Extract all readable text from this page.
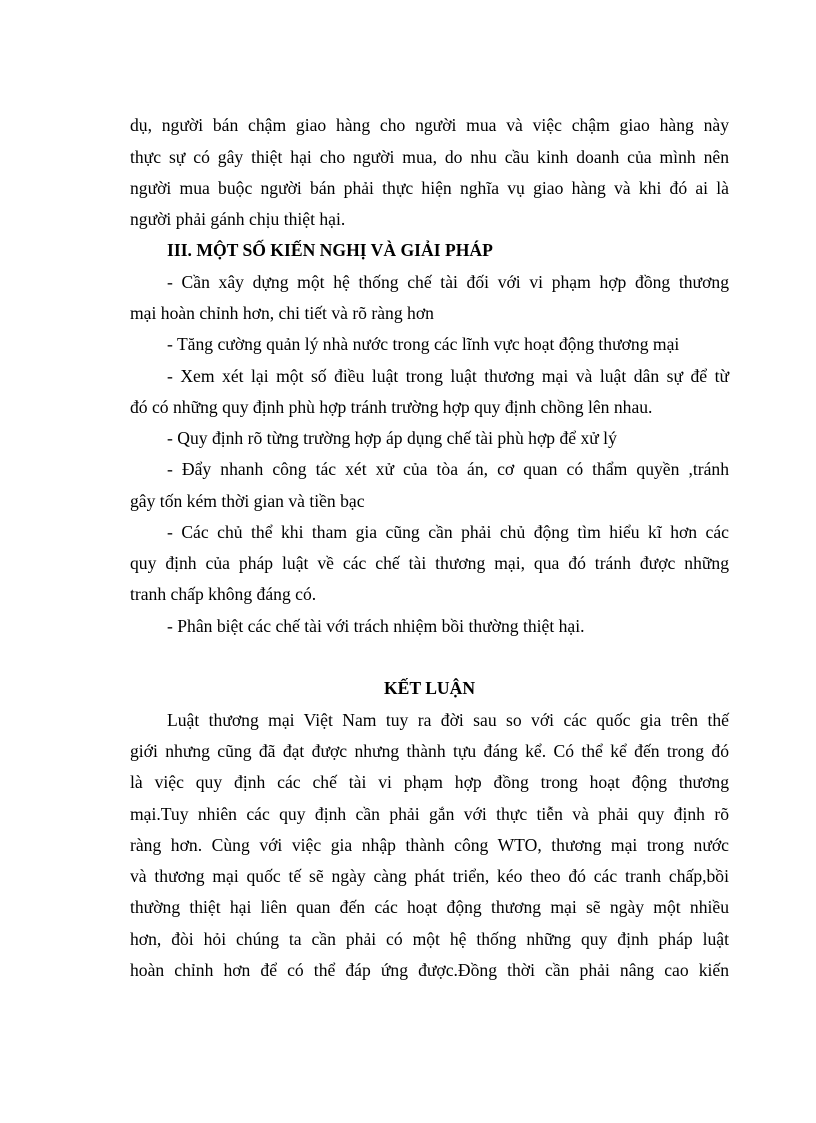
dụ, người bán chậm giao hàng cho người mua và việc chậm giao hàng này
thực sự có gây thiệt hại cho người mua, do nhu cầu kinh doanh của mình nên
người mua buộc người bán phải thực hiện nghĩa vụ giao hàng và khi đó ai là
người phải gánh chịu thiệt hại.
III. MỘT SỐ KIẾN NGHỊ VÀ GIẢI PHÁP
- Cần xây dựng một hệ thống chế tài đối với vi phạm hợp đồng thương
mại hoàn chỉnh hơn, chi tiết và rõ ràng hơn
- Tăng cường quản lý nhà nước trong các lĩnh vực hoạt động thương mại
- Xem xét lại một số điều luật trong luật thương mại và luật dân sự để từ
đó có những quy định phù hợp tránh trường hợp quy định chồng lên nhau.
- Quy định rõ từng trường hợp áp dụng chế tài phù hợp để xử lý
- Đẩy nhanh công tác xét xử của tòa án, cơ quan có thẩm quyền ,tránh
gây tốn kém thời gian và tiền bạc
- Các chủ thể khi tham gia cũng cần phải chủ động tìm hiểu kĩ hơn các
quy định của pháp luật về các chế tài thương mại, qua đó tránh được những
tranh chấp không đáng có.
- Phân biệt các chế tài với trách nhiệm bồi thường thiệt hại.
KẾT LUẬN
Luật thương mại Việt Nam tuy ra đời sau so với các quốc gia trên thế
giới nhưng cũng đã đạt được nhưng thành tựu đáng kể. Có thể kể đến trong đó
là việc quy định các chế tài vi phạm hợp đồng trong hoạt động thương
mại.Tuy nhiên các quy định cần phải gắn với thực tiễn và phải quy định rõ
ràng hơn. Cùng với việc gia nhập thành công WTO, thương mại trong nước
và thương mại quốc tế sẽ ngày càng phát triển, kéo theo đó các tranh chấp,bồi
thường thiệt hại liên quan đến các hoạt động thương mại sẽ ngày một nhiều
hơn, đòi hỏi chúng ta cần phải có một hệ thống những quy định pháp luật
hoàn chỉnh hơn để có thể đáp ứng được.Đồng thời cần phải nâng cao kiến
